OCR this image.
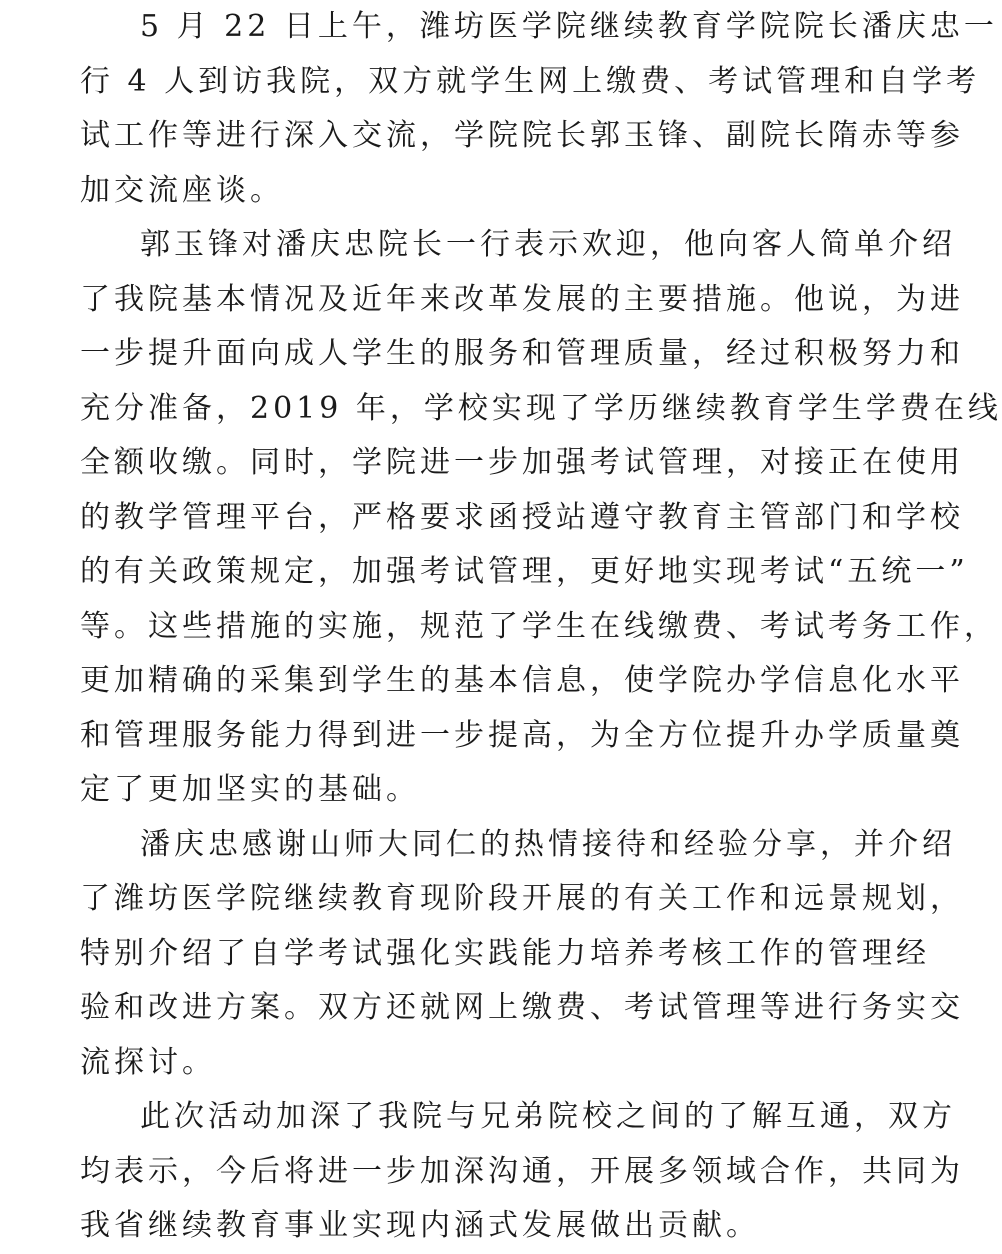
5 月 22 日上午，潍坊医学院继续教育学院院长潘庆忠一
行 4 人到访我院，双方就学生网上缴费、考试管理和自学考
试工作等进行深入交流，学院院长郭玉锋、副院长隋赤等参
加交流座谈。
郭玉锋对潘庆忠院长一行表示欢迎，他向客人简单介绍
了我院基本情况及近年来改革发展的主要措施。他说，为进
一步提升面向成人学生的服务和管理质量，经过积极努力和
充分准备，2019 年，学校实现了学历继续教育学生学费在线
全额收缴。同时，学院进一步加强考试管理，对接正在使用
的教学管理平台，严格要求函授站遵守教育主管部门和学校
的有关政策规定，加强考试管理，更好地实现考试“五统一”
等。这些措施的实施，规范了学生在线缴费、考试考务工作，
更加精确的采集到学生的基本信息，使学院办学信息化水平
和管理服务能力得到进一步提高，为全方位提升办学质量奠
定了更加坚实的基础。
潘庆忠感谢山师大同仁的热情接待和经验分享，并介绍
了潍坊医学院继续教育现阶段开展的有关工作和远景规划，
特别介绍了自学考试强化实践能力培养考核工作的管理经
验和改进方案。双方还就网上缴费、考试管理等进行务实交
流探讨。
此次活动加深了我院与兄弟院校之间的了解互通，双方
均表示，今后将进一步加深沟通，开展多领域合作，共同为
我省继续教育事业实现内涵式发展做出贡献。
